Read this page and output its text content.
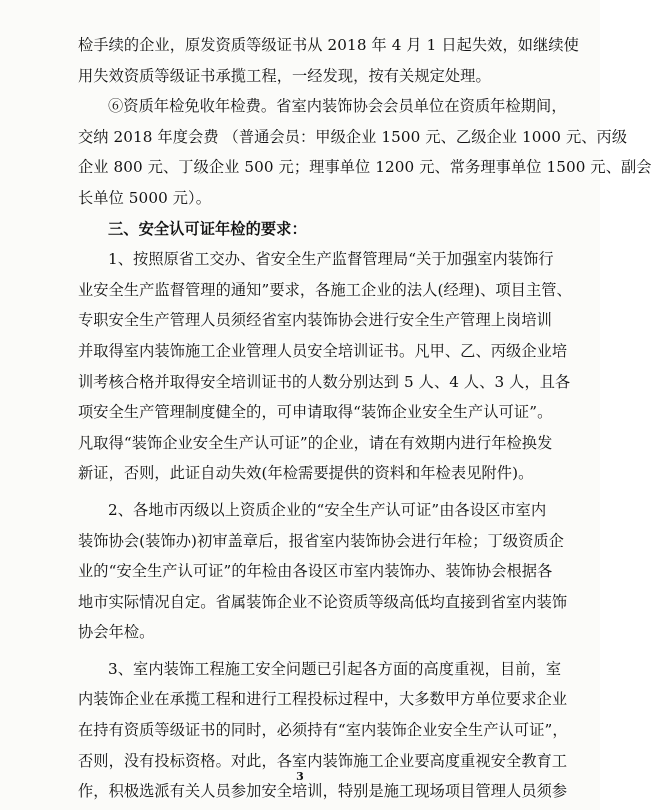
检手续的企业，原发资质等级证书从 2018 年 4 月 1 日起失效，如继续使
用失效资质等级证书承揽工程，一经发现，按有关规定处理。
⑥资质年检免收年检费。省室内装饰协会会员单位在资质年检期间，
交纳 2018 年度会费 （普通会员：甲级企业 1500 元、乙级企业 1000 元、丙级
企业 800 元、丁级企业 500 元；理事单位 1200 元、常务理事单位 1500 元、副会
长单位 5000 元）。
三、安全认可证年检的要求：
1、按照原省工交办、省安全生产监督管理局“关于加强室内装饰行
业安全生产监督管理的通知”要求，各施工企业的法人(经理)、项目主管、
专职安全生产管理人员须经省室内装饰协会进行安全生产管理上岗培训
并取得室内装饰施工企业管理人员安全培训证书。凡甲、乙、丙级企业培
训考核合格并取得安全培训证书的人数分别达到 5 人、4 人、3 人，且各
项安全生产管理制度健全的，可申请取得“装饰企业安全生产认可证”。
凡取得“装饰企业安全生产认可证”的企业，请在有效期内进行年检换发
新证，否则，此证自动失效(年检需要提供的资料和年检表见附件)。
2、各地市丙级以上资质企业的“安全生产认可证”由各设区市室内
装饰协会(装饰办)初审盖章后，报省室内装饰协会进行年检；丁级资质企
业的“安全生产认可证”的年检由各设区市室内装饰办、装饰协会根据各
地市实际情况自定。省属装饰企业不论资质等级高低均直接到省室内装饰
协会年检。
3、室内装饰工程施工安全问题已引起各方面的高度重视，目前，室
内装饰企业在承揽工程和进行工程投标过程中，大多数甲方单位要求企业
在持有资质等级证书的同时，必须持有“室内装饰企业安全生产认可证”，
否则，没有投标资格。对此，各室内装饰施工企业要高度重视安全教育工
作，积极选派有关人员参加安全培训，特别是施工现场项目管理人员须参
3
